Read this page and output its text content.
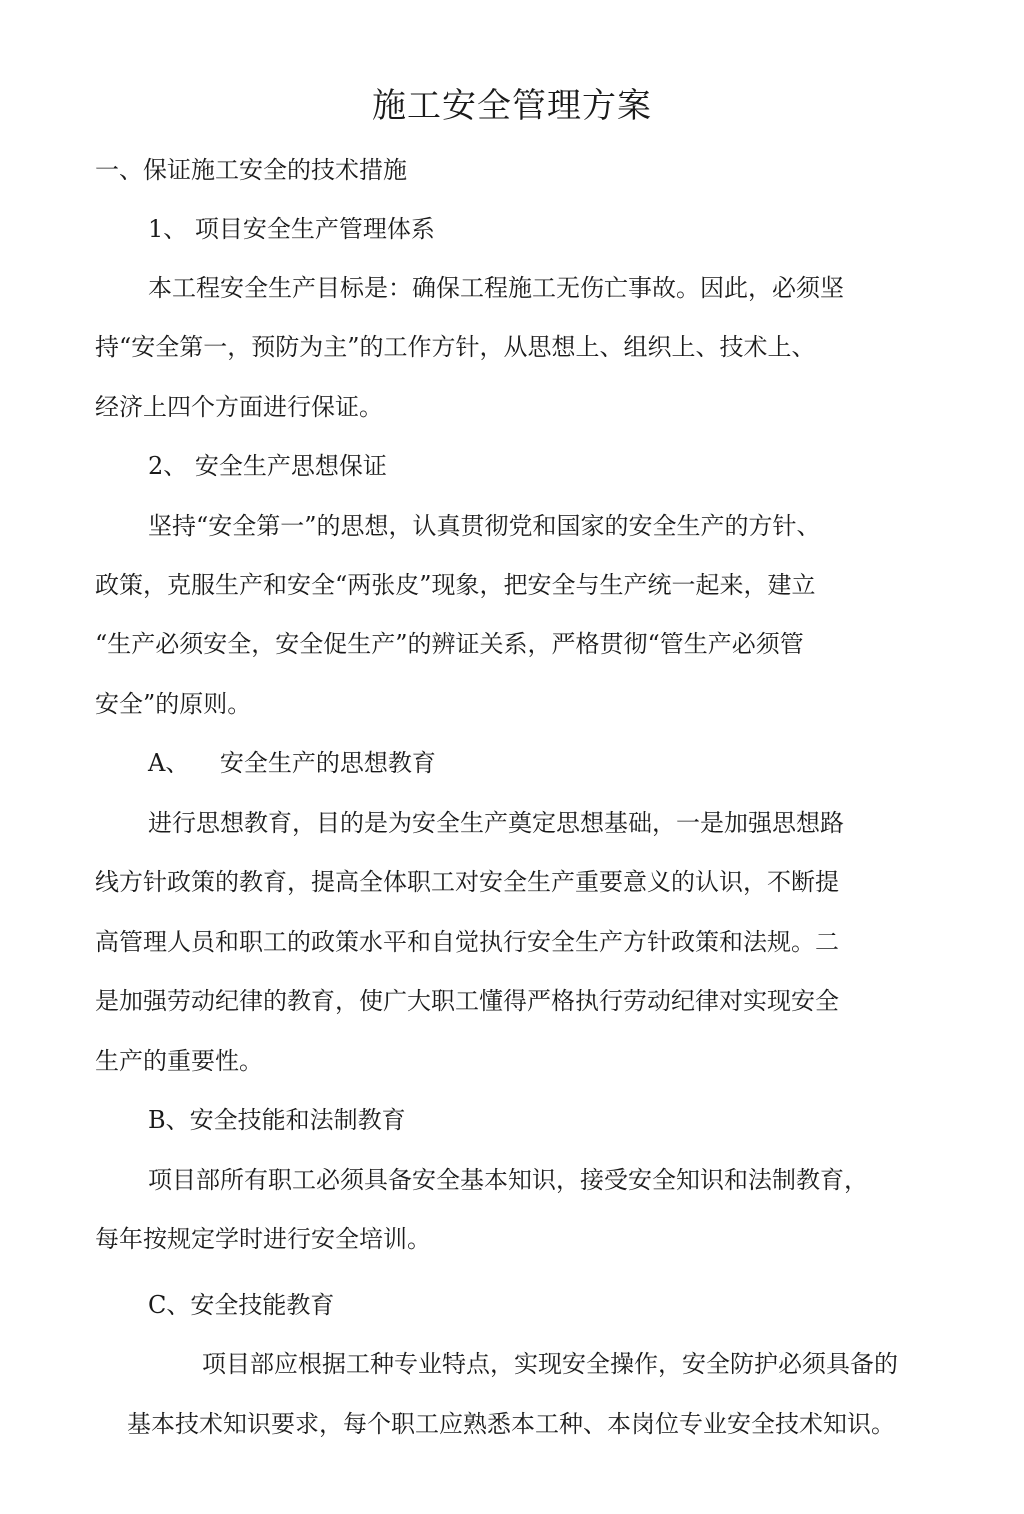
施工安全管理方案

一、保证施工安全的技术措施

1、 项目安全生产管理体系

本工程安全生产目标是：确保工程施工无伤亡事故。因此，必须坚

持“安全第一，预防为主”的工作方针，从思想上、组织上、技术上、

经济上四个方面进行保证。

2、 安全生产思想保证

坚持“安全第一”的思想，认真贯彻党和国家的安全生产的方针、

政策，克服生产和安全“两张皮”现象，把安全与生产统一起来，建立

“生产必须安全，安全促生产”的辨证关系，严格贯彻“管生产必须管

安全”的原则。

A、    安全生产的思想教育

进行思想教育，目的是为安全生产奠定思想基础，一是加强思想路

线方针政策的教育，提高全体职工对安全生产重要意义的认识，不断提

高管理人员和职工的政策水平和自觉执行安全生产方针政策和法规。二

是加强劳动纪律的教育，使广大职工懂得严格执行劳动纪律对实现安全

生产的重要性。

B、安全技能和法制教育

项目部所有职工必须具备安全基本知识，接受安全知识和法制教育，

每年按规定学时进行安全培训。

C、安全技能教育

项目部应根据工种专业特点，实现安全操作，安全防护必须具备的

基本技术知识要求，每个职工应熟悉本工种、本岗位专业安全技术知识。
